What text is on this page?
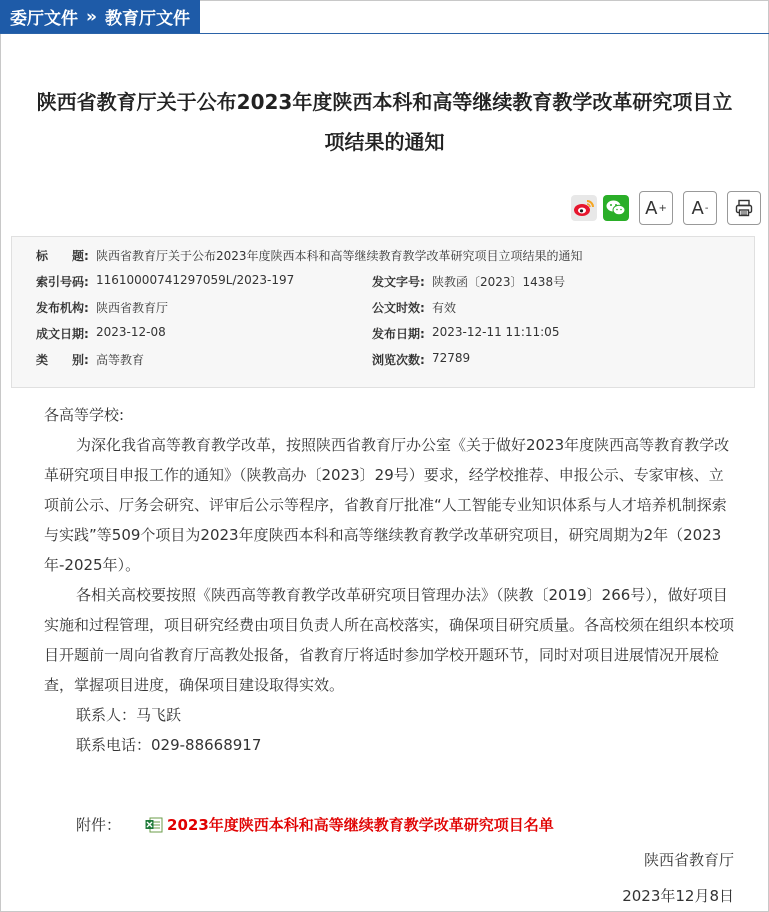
委厅文件 » 教育厅文件
陕西省教育厅关于公布2023年度陕西本科和高等继续教育教学改革研究项目立
项结果的通知
A + A -
标　　题: 陕西省教育厅关于公布2023年度陕西本科和高等继续教育教学改革研究项目立项结果的通知
索引号码: 11610000741297059L/2023-197	发文字号: 陕教函〔2023〕1438号
发布机构: 陕西省教育厅	公文时效: 有效
成文日期: 2023-12-08	发布日期: 2023-12-11 11:11:05
类　　别: 高等教育	浏览次数: 72789

各高等学校:

为深化我省高等教育教学改革，按照陕西省教育厅办公室《关于做好2023年度陕西高等教育教学改革研究项目申报工作的通知》（陕教高办〔2023〕29号）要求，经学校推荐、申报公示、专家审核、立项前公示、厅务会研究、评审后公示等程序，省教育厅批准“人工智能专业知识体系与人才培养机制探索与实践”等509个项目为2023年度陕西本科和高等继续教育教学改革研究项目，研究周期为2年（2023年-2025年）。

各相关高校要按照《陕西高等教育教学改革研究项目管理办法》（陕教〔2019〕266号），做好项目实施和过程管理，项目研究经费由项目负责人所在高校落实，确保项目研究质量。各高校须在组织本校项目开题前一周向省教育厅高教处报备，省教育厅将适时参加学校开题环节，同时对项目进展情况开展检查，掌握项目进度，确保项目建设取得实效。

联系人：马飞跃

联系电话：029-88668917

附件：	2023年度陕西本科和高等继续教育教学改革研究项目名单
陕西省教育厅
2023年12月8日
